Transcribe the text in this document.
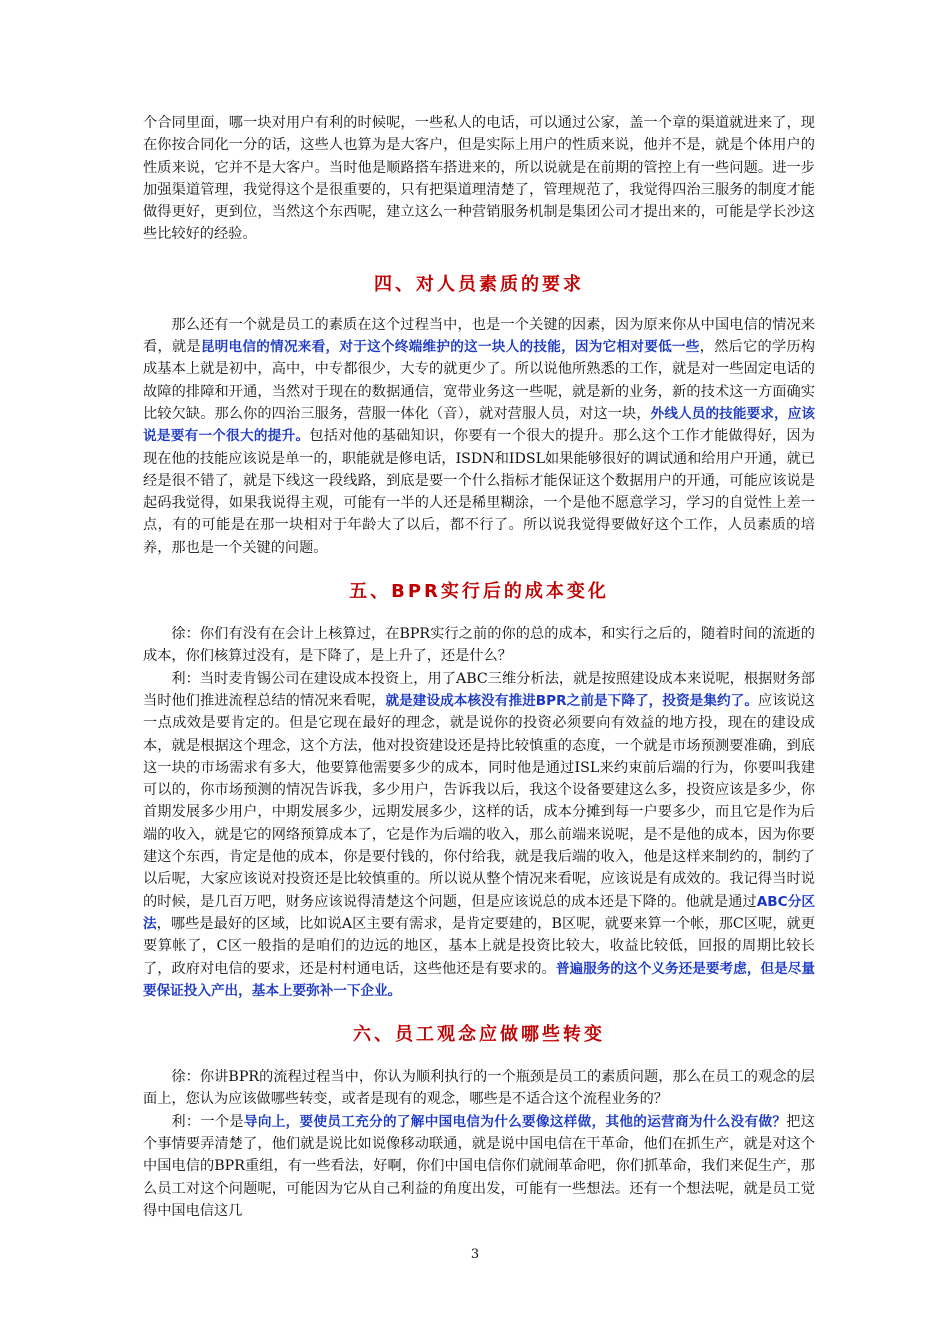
个合同里面，哪一块对用户有利的时候呢，一些私人的电话，可以通过公家，盖一个章的渠道就进来了，现在你按合同化一分的话，这些人也算为是大客户，但是实际上用户的性质来说，他并不是，就是个体用户的性质来说，它并不是大客户。当时他是顺路搭车搭进来的，所以说就是在前期的管控上有一些问题。进一步加强渠道管理，我觉得这个是很重要的，只有把渠道理清楚了，管理规范了，我觉得四治三服务的制度才能做得更好，更到位，当然这个东西呢，建立这么一种营销服务机制是集团公司才提出来的，可能是学长沙这些比较好的经验。

四、对人员素质的要求

那么还有一个就是员工的素质在这个过程当中，也是一个关键的因素，因为原来你从中国电信的情况来看，就是昆明电信的情况来看，对于这个终端维护的这一块人的技能，因为它相对要低一些，然后它的学历构成基本上就是初中，高中，中专都很少，大专的就更少了。所以说他所熟悉的工作，就是对一些固定电话的故障的排障和开通，当然对于现在的数据通信，宽带业务这一些呢，就是新的业务，新的技术这一方面确实比较欠缺。那么你的四治三服务，营服一体化（音），就对营服人员，对这一块，外线人员的技能要求，应该说是要有一个很大的提升。包括对他的基础知识，你要有一个很大的提升。那么这个工作才能做得好，因为现在他的技能应该说是单一的，职能就是修电话，ISDN和IDSL如果能够很好的调试通和给用户开通，就已经是很不错了，就是下线这一段线路，到底是要一个什么指标才能保证这个数据用户的开通，可能应该说是起码我觉得，如果我说得主观，可能有一半的人还是稀里糊涂，一个是他不愿意学习，学习的自觉性上差一点，有的可能是在那一块相对于年龄大了以后，都不行了。所以说我觉得要做好这个工作，人员素质的培养，那也是一个关键的问题。

五、BPR实行后的成本变化

徐：你们有没有在会计上核算过，在BPR实行之前的你的总的成本，和实行之后的，随着时间的流逝的成本，你们核算过没有，是下降了，是上升了，还是什么？

利：当时麦肯锡公司在建设成本投资上，用了ABC三维分析法，就是按照建设成本来说呢，根据财务部当时他们推进流程总结的情况来看呢，就是建设成本核没有推进BPR之前是下降了，投资是集约了。应该说这一点成效是要肯定的。但是它现在最好的理念，就是说你的投资必须要向有效益的地方投，现在的建设成本，就是根据这个理念，这个方法，他对投资建设还是持比较慎重的态度，一个就是市场预测要准确，到底这一块的市场需求有多大，他要算他需要多少的成本，同时他是通过ISL来约束前后端的行为，你要叫我建可以的，你市场预测的情况告诉我，多少用户，告诉我以后，我这个设备要建这么多，投资应该是多少，你首期发展多少用户，中期发展多少，远期发展多少，这样的话，成本分摊到每一户要多少，而且它是作为后端的收入，就是它的网络预算成本了，它是作为后端的收入，那么前端来说呢，是不是他的成本，因为你要建这个东西，肯定是他的成本，你是要付钱的，你付给我，就是我后端的收入，他是这样来制约的，制约了以后呢，大家应该说对投资还是比较慎重的。所以说从整个情况来看呢，应该说是有成效的。我记得当时说的时候，是几百万吧，财务应该说得清楚这个问题，但是应该说总的成本还是下降的。他就是通过ABC分区法，哪些是最好的区域，比如说A区主要有需求，是肯定要建的，B区呢，就要来算一个帐，那C区呢，就更要算帐了，C区一般指的是咱们的边远的地区，基本上就是投资比较大，收益比较低，回报的周期比较长了，政府对电信的要求，还是村村通电话，这些他还是有要求的。普遍服务的这个义务还是要考虑，但是尽量要保证投入产出，基本上要弥补一下企业。

六、员工观念应做哪些转变

徐：你讲BPR的流程过程当中，你认为顺利执行的一个瓶颈是员工的素质问题，那么在员工的观念的层面上，您认为应该做哪些转变，或者是现有的观念，哪些是不适合这个流程业务的？

利：一个是导向上，要使员工充分的了解中国电信为什么要像这样做，其他的运营商为什么没有做？把这个事情要弄清楚了，他们就是说比如说像移动联通，就是说中国电信在干革命，他们在抓生产，就是对这个中国电信的BPR重组，有一些看法，好啊，你们中国电信你们就闹革命吧，你们抓革命，我们来促生产，那么员工对这个问题呢，可能因为它从自己利益的角度出发，可能有一些想法。还有一个想法呢，就是员工觉得中国电信这几

3
